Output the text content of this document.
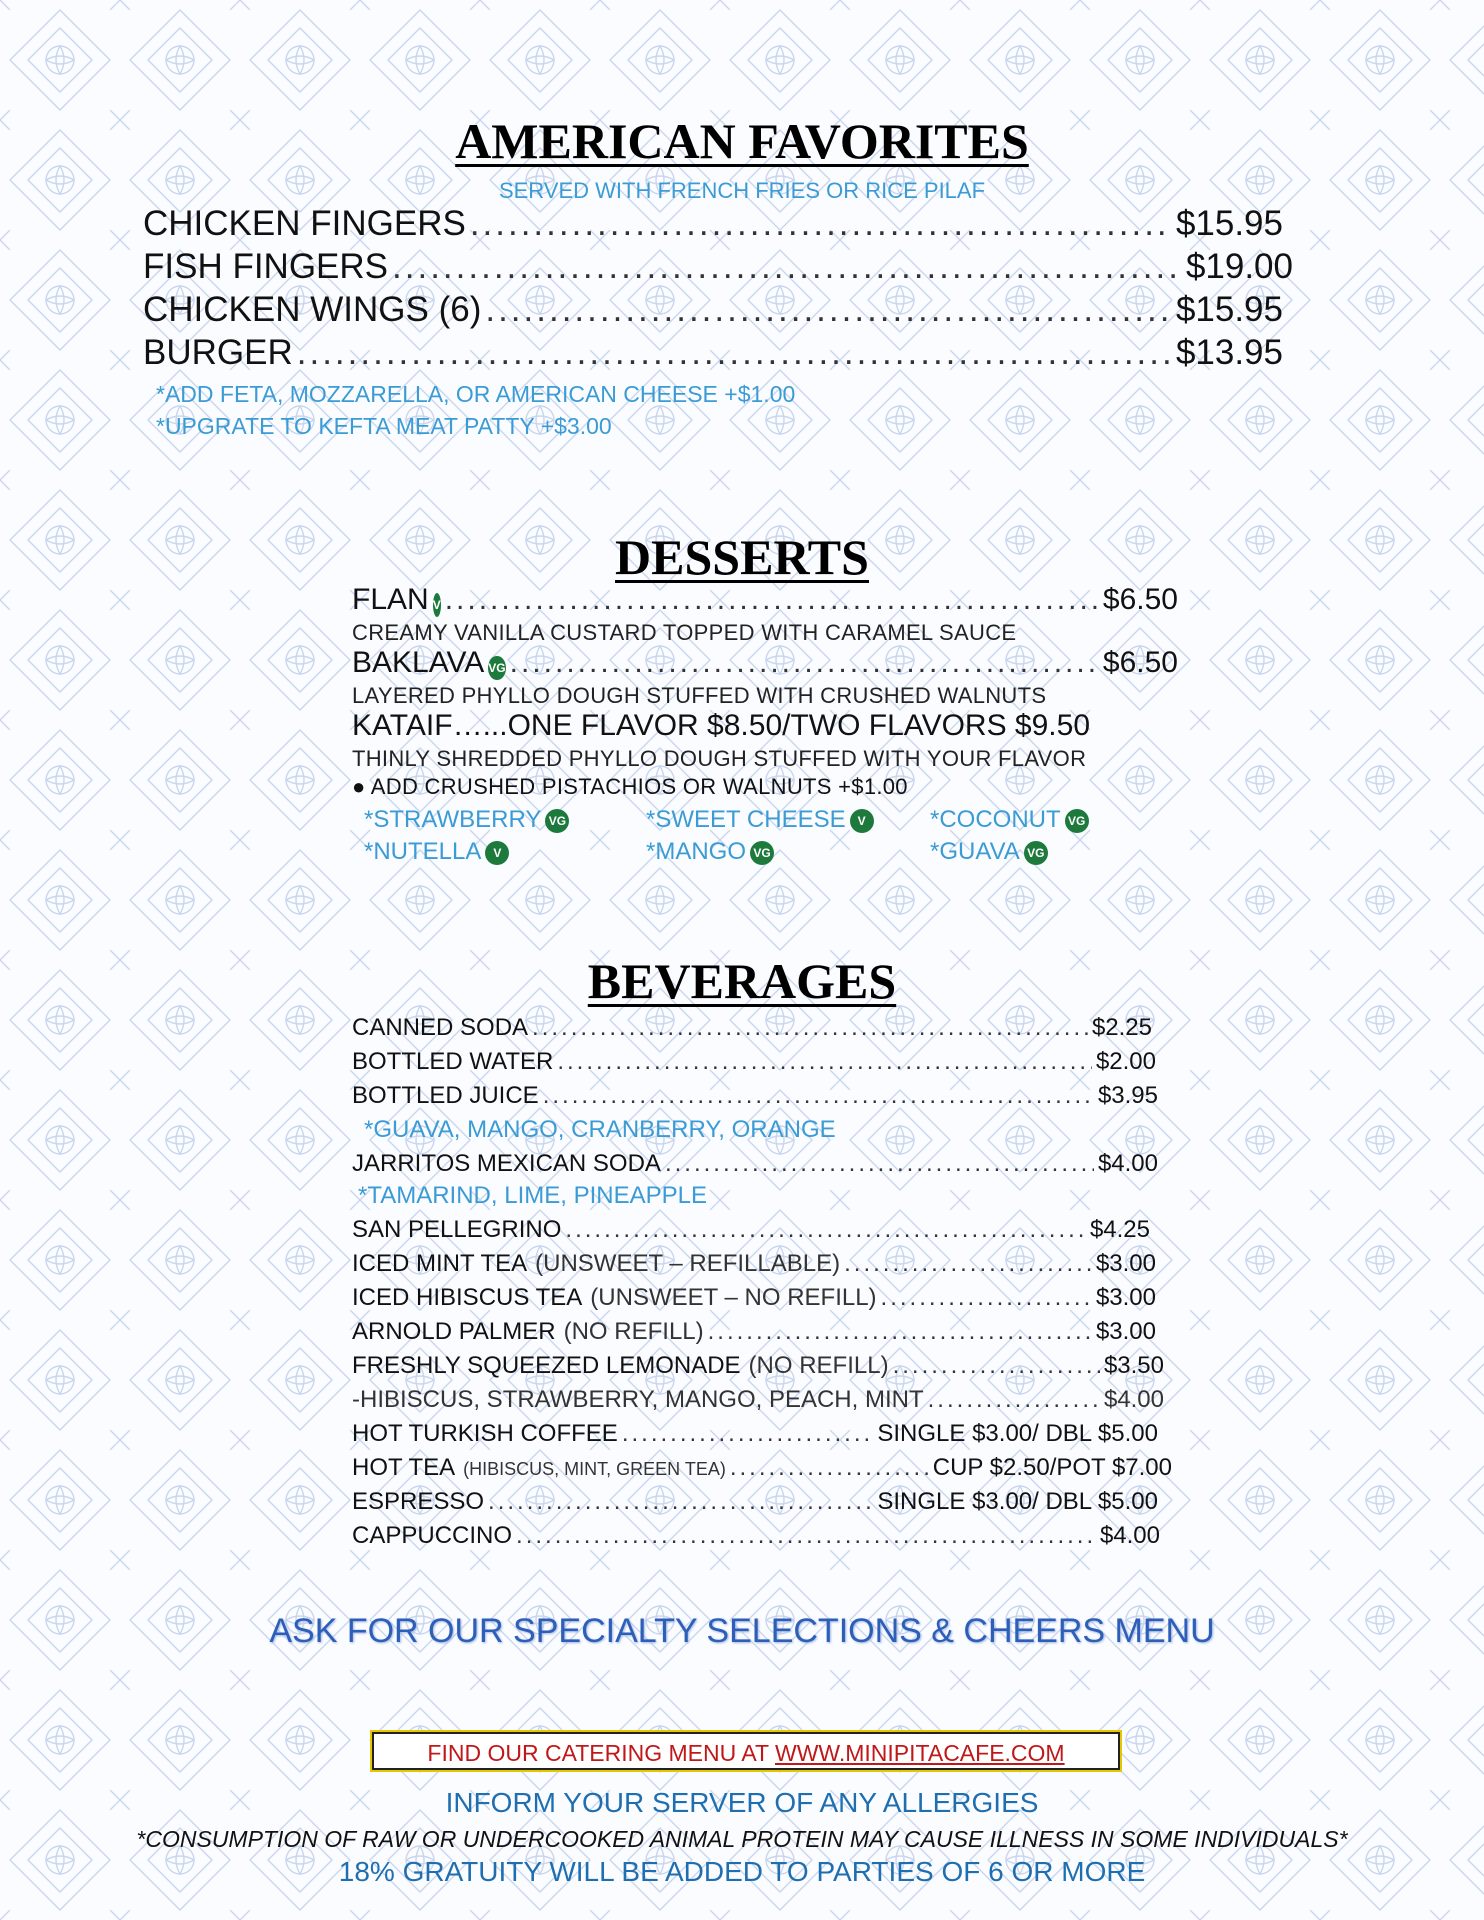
AMERICAN FAVORITES
SERVED WITH FRENCH FRIES OR RICE PILAF
CHICKEN FINGERS .....	$15.95
FISH FINGERS .....	$19.00
CHICKEN WINGS (6) .....	$15.95
BURGER .....	$13.95
*ADD FETA, MOZZARELLA, OR AMERICAN CHEESE +$1.00
*UPGRATE TO KEFTA MEAT PATTY +$3.00
DESSERTS
FLAN V .....	$6.50
CREAMY VANILLA CUSTARD TOPPED WITH CARAMEL SAUCE
BAKLAVA VG .....	$6.50
LAYERED PHYLLO DOUGH STUFFED WITH CRUSHED WALNUTS
KATAIF …... ONE FLAVOR $8.50/TWO FLAVORS $9.50
THINLY SHREDDED PHYLLO DOUGH STUFFED WITH YOUR FLAVOR
● ADD CRUSHED PISTACHIOS OR WALNUTS +$1.00
*STRAWBERRY VG	*SWEET CHEESE V	*COCONUT VG
*NUTELLA V	*MANGO VG	*GUAVA VG
BEVERAGES
CANNED SODA .....	$2.25
BOTTLED WATER .....	$2.00
BOTTLED JUICE .....	$3.95
*GUAVA, MANGO, CRANBERRY, ORANGE
JARRITOS MEXICAN SODA .....	$4.00
*TAMARIND, LIME, PINEAPPLE
SAN PELLEGRINO .....	$4.25
ICED MINT TEA (UNSWEET – REFILLABLE) .....	$3.00
ICED HIBISCUS TEA (UNSWEET – NO REFILL) .....	$3.00
ARNOLD PALMER (NO REFILL) .....	$3.00
FRESHLY SQUEEZED LEMONADE (NO REFILL) .....	$3.50
-HIBISCUS, STRAWBERRY, MANGO, PEACH, MINT .....	$4.00
HOT TURKISH COFFEE .....	SINGLE $3.00/ DBL $5.00
HOT TEA (HIBISCUS, MINT, GREEN TEA) .....	CUP $2.50/POT $7.00
ESPRESSO .....	SINGLE $3.00/ DBL $5.00
CAPPUCCINO .....	$4.00
ASK FOR OUR SPECIALTY SELECTIONS & CHEERS MENU
FIND OUR CATERING MENU AT WWW.MINIPITACAFE.COM
INFORM YOUR SERVER OF ANY ALLERGIES
*CONSUMPTION OF RAW OR UNDERCOOKED ANIMAL PROTEIN MAY CAUSE ILLNESS IN SOME INDIVIDUALS*
18% GRATUITY WILL BE ADDED TO PARTIES OF 6 OR MORE
